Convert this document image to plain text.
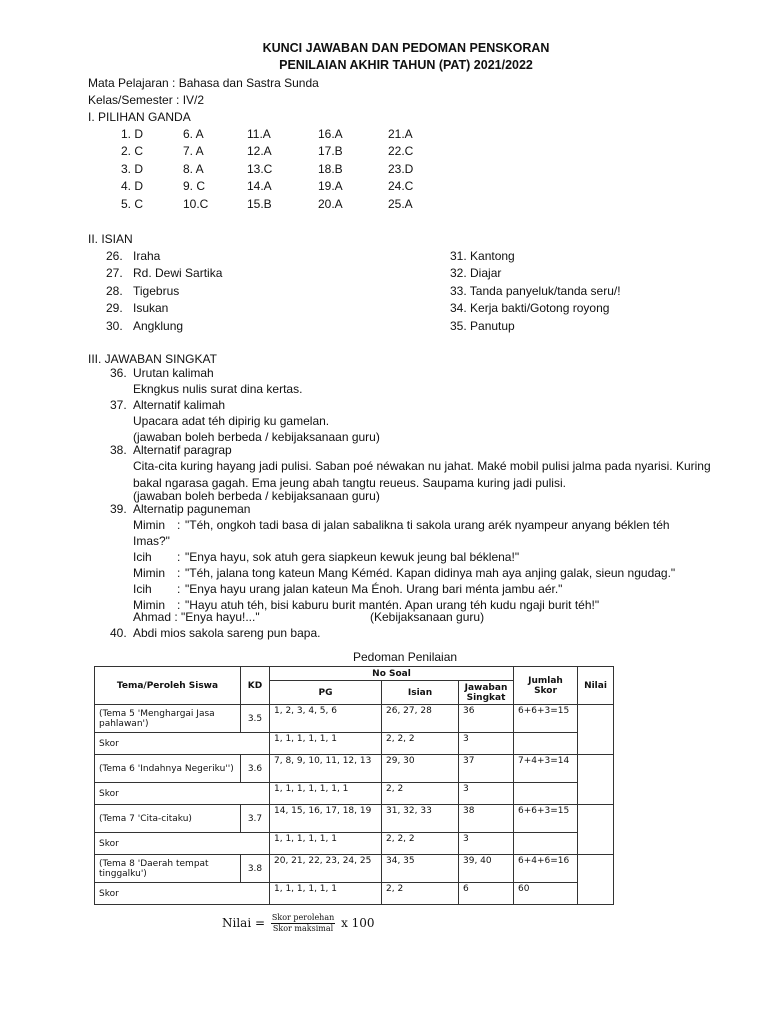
KUNCI JAWABAN DAN PEDOMAN PENSKORAN
PENILAIAN AKHIR TAHUN (PAT) 2021/2022
Mata Pelajaran : Bahasa dan Sastra Sunda
Kelas/Semester : IV/2
I. PILIHAN GANDA
1. D	6. A	11.A	16.A	21.A
2. C	7. A	12.A	17.B	22.C
3. D	8. A	13.C	18.B	23.D
4. D	9. C	14.A	19.A	24.C
5. C	10.C	15.B	20.A	25.A
II. ISIAN
26. Iraha
27. Rd. Dewi Sartika
28. Tigebrus
29. Isukan
30. Angklung
31. Kantong
32. Diajar
33. Tanda panyeluk/tanda seru/!
34. Kerja bakti/Gotong royong
35. Panutup
III. JAWABAN SINGKAT
36. Urutan kalimah
Ekngkus nulis surat dina kertas.
37. Alternatif kalimah
Upacara adat téh dipirig ku gamelan.
(jawaban boleh berbeda / kebijaksanaan guru)
38. Alternatif paragrap
Cita-cita kuring hayang jadi pulisi. Saban poé néwakan nu jahat. Maké mobil pulisi jalma pada nyarisi. Kuring bakal ngarasa gagah. Ema jeung abah tangtu reueus. Saupama kuring jadi pulisi.
(jawaban boleh berbeda / kebijaksanaan guru)
39. Alternatip paguneman
Mimin : "Téh, ongkoh tadi basa di jalan sabalikna ti sakola urang arék nyampeur anyang béklen téh
Imas?"
Icih : "Enya hayu, sok atuh gera siapkeun kewuk jeung bal béklena!"
Mimin : "Téh, jalana tong kateun Mang Kéméd. Kapan didinya mah aya anjing galak, sieun ngudag."
Icih : "Enya hayu urang jalan kateun Ma Énoh. Urang bari ménta jambu aér."
Mimin : "Hayu atuh téh, bisi kaburu burit mantén. Apan urang téh kudu ngaji burit téh!"
Ahmad : "Enya hayu!..."	(Kebijaksanaan guru)
40. Abdi mios sakola sareng pun bapa.
Pedoman Penilaian
Tema/Peroleh Siswa	KD	No Soal			Jumlah Skor	Nilai
		PG	Isian	Jawaban Singkat		
(Tema 5 'Menghargai Jasa pahlawan')	3.5	1, 2, 3, 4, 5, 6	26, 27, 28	36	6+6+3=15	
Skor		1, 1, 1, 1, 1, 1	2, 2, 2	3		
(Tema 6 'Indahnya Negeriku'')	3.6	7, 8, 9, 10, 11, 12, 13	29, 30	37	7+4+3=14	
Skor		1, 1, 1, 1, 1, 1, 1	2, 2	3		
(Tema 7 'Cita-citaku)	3.7	14, 15, 16, 17, 18, 19	31, 32, 33	38	6+6+3=15	
Skor		1, 1, 1, 1, 1, 1	2, 2, 2	3		
(Tema 8 'Daerah tempat tinggalku')	3.8	20, 21, 22, 23, 24, 25	34, 35	39, 40	6+4+6=16	
Skor		1, 1, 1, 1, 1, 1	2, 2	6	60	
Nilai = $\frac{\text{Skor perolehan}}{\text{Skor maksimal}}$ x 100
